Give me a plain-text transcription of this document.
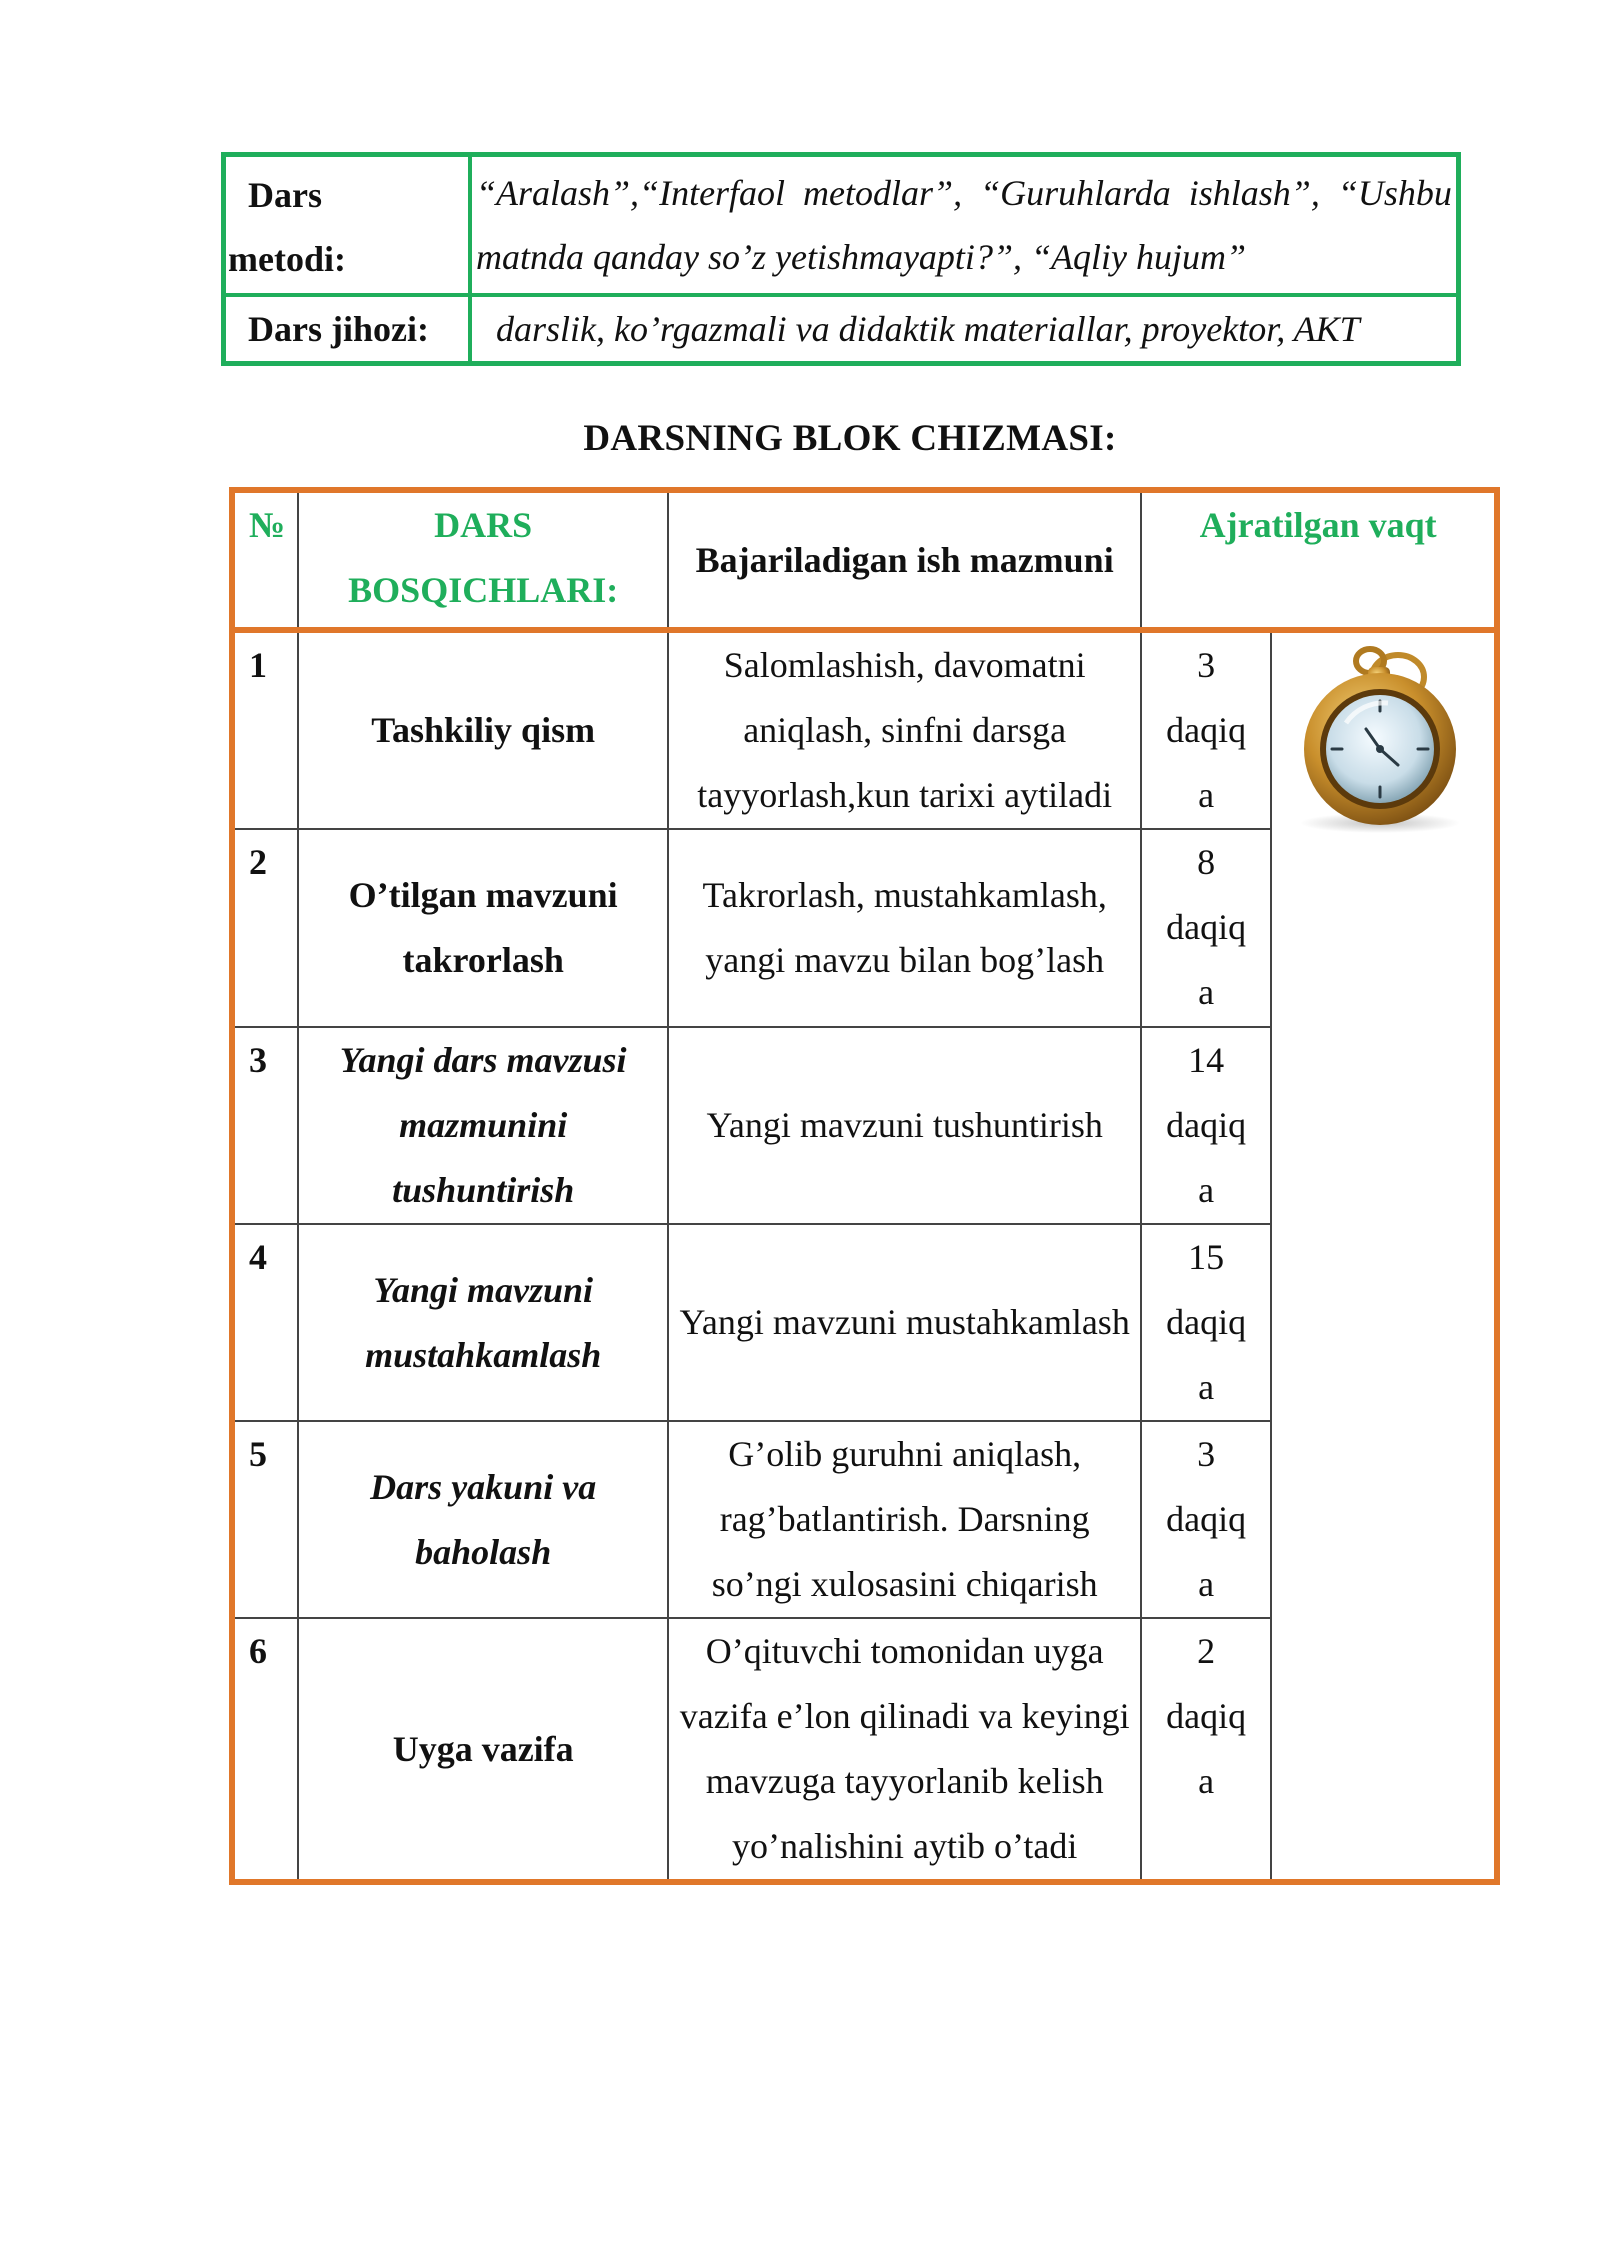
Dars
metodi:	“Aralash”,“Interfaol  metodlar”,  “Guruhlarda  ishlash”,  “Ushbu
matnda qanday so’z yetishmayapti?”, “Aqliy hujum”
Dars jihozi:	darslik, ko’rgazmali va didaktik materiallar, proyektor, AKT
DARSNING BLOK CHIZMASI:
№	DARS
BOSQICHLARI:	Bajariladigan ish mazmuni	Ajratilgan vaqt	
1	Tashkiliy qism	Salomlashish, davomatni aniqlash, sinfni darsga tayyorlash,kun tarixi aytiladi	3
daqiq
a	

2	O’tilgan mavzuni takrorlash	Takrorlash, mustahkamlash, yangi mavzu bilan bog’lash	8
daqiq
a	
3	Yangi dars mavzusi mazmunini tushuntirish	Yangi mavzuni tushuntirish	14
daqiq
a	
4	Yangi mavzuni mustahkamlash	Yangi mavzuni mustahkamlash	15
daqiq
a	
5	Dars yakuni va baholash	G’olib guruhni aniqlash, rag’batlantirish. Darsning so’ngi xulosasini chiqarish	3
daqiq
a	
6	Uyga vazifa	O’qituvchi tomonidan uyga vazifa e’lon qilinadi va keyingi mavzuga tayyorlanib kelish yo’nalishini aytib o’tadi	2
daqiq
a	
